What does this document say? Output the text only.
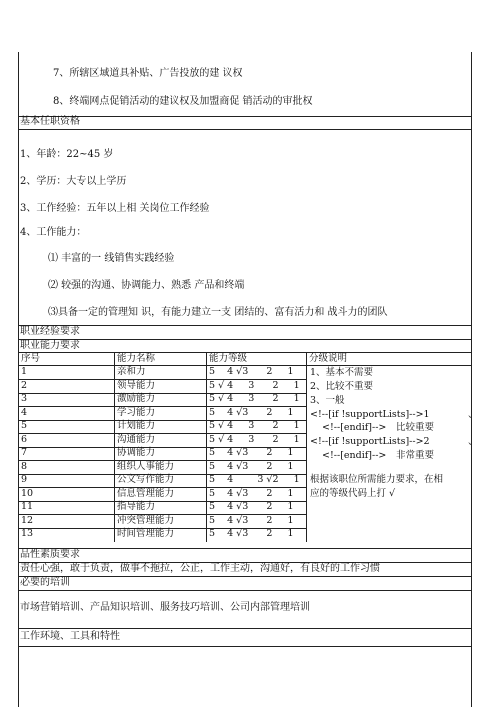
7、所辖区域道具补贴、广告投放的建 议权
8、终端网点促销活动的建议权及加盟商促 销活动的审批权
基本任职资格
1、年龄：22~45 岁
2、学历：大专以上学历
3、工作经验：五年以上相 关岗位工作经验
4、工作能力：
⑴ 丰富的一 线销售实践经验
⑵ 较强的沟通、协调能力、熟悉 产品和终端
⑶具备一定的管理知 识，有能力建立一支 团结的、富有活力和 战斗力的团队
职业经验要求
职业能力要求
序号	能力名称	能力等级	分级说明
1	亲和力	5    4 √3      2     1
2	领导能力	5 √ 4     3      2     1
3	激励能力	5 √ 4     3      2     1
4	学习能力	5    4 √3      2     1
5	计划能力	5 √ 4     3      2     1
6	沟通能力	5 √ 4     3      2     1
7	协调能力	5    4 √3      2     1
8	组织人事能力	5    4 √3      2     1
9	公文写作能力	5    4        3 √2     1
10	信息管理能力	5    4 √3      2     1
11	指导能力	5    4 √3      2     1
12	冲突管理能力	5    4 √3      2     1
13	时间管理能力	5    4 √3      2     1
1、基本不需要
2、比较不重要
3、一般
<!--[if !supportLists]-->1	、
<!--[endif]--> 比较重要
<!--[if !supportLists]-->2	、
<!--[endif]--> 非常重要
根据该职位所需能力要求，在相
应的等级代码上打 √
品性素质要求
责任心强，敢于负责，做事不拖拉，公正，工作主动，沟通好，有良好的工作习惯
必要的培训
市场营销培训、产品知识培训、服务技巧培训、公司内部管理培训
工作环境、工具和特性
